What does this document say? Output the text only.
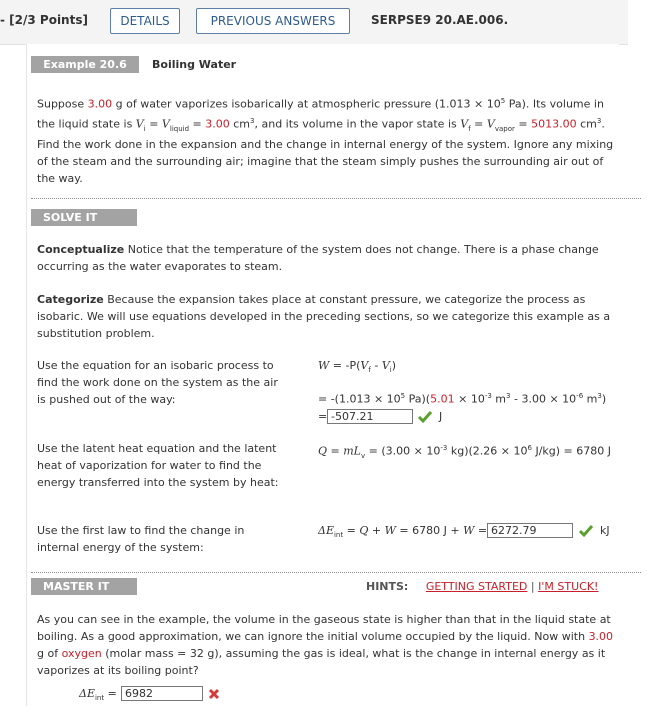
- [2/3 Points]	DETAILS	PREVIOUS ANSWERS	SERPSE9 20.AE.006.
Example 20.6	Boiling Water
Suppose 3.00 g of water vaporizes isobarically at atmospheric pressure ($1.013 \times 10^5$ Pa). Its volume in
the liquid state is $V_i = V_{liquid} = 3.00$ $cm^3$, and its volume in the vapor state is $V_f = V_{vapor} = 5013.00$ $cm^3$.
Find the work done in the expansion and the change in internal energy of the system. Ignore any mixing of the steam and the surrounding air; imagine that the steam simply pushes the surrounding air out of the way.
SOLVE IT
Conceptualize Notice that the temperature of the system does not change. There is a phase change occurring as the water evaporates to steam.
Categorize Because the expansion takes place at constant pressure, we categorize the process as isobaric. We will use equations developed in the preceding sections, so we categorize this example as a substitution problem.
Use the equation for an isobaric process to find the work done on the system as the air is pushed out of the way:
$W = -P(V_f - V_i)$
= $-(1.013 \times 10^5$ $Pa)(5.01 \times 10^{-3}$ $m^3 - 3.00 \times 10^{-6}$ $m^3$)
= -507.21	J
Use the latent heat equation and the latent heat of vaporization for water to find the energy transferred into the system by heat:
$Q = mL_v = (3.00 \times 10^{-3}$ $kg)(2.26 \times 10^6$ J/kg) = 6780 J
Use the first law to find the change in internal energy of the system:
$\Delta E_{int} = Q + W = 6780$ J + W = 6272.79	kJ
MASTER IT	HINTS: GETTING STARTED | I'M STUCK!
As you can see in the example, the volume in the gaseous state is higher than that in the liquid state at boiling. As a good approximation, we can ignore the initial volume occupied by the liquid. Now with 3.00 g of oxygen (molar mass = 32 g), assuming the gas is ideal, what is the change in internal energy as it vaporizes at its boiling point?
$\Delta E_{int} = 6982$
